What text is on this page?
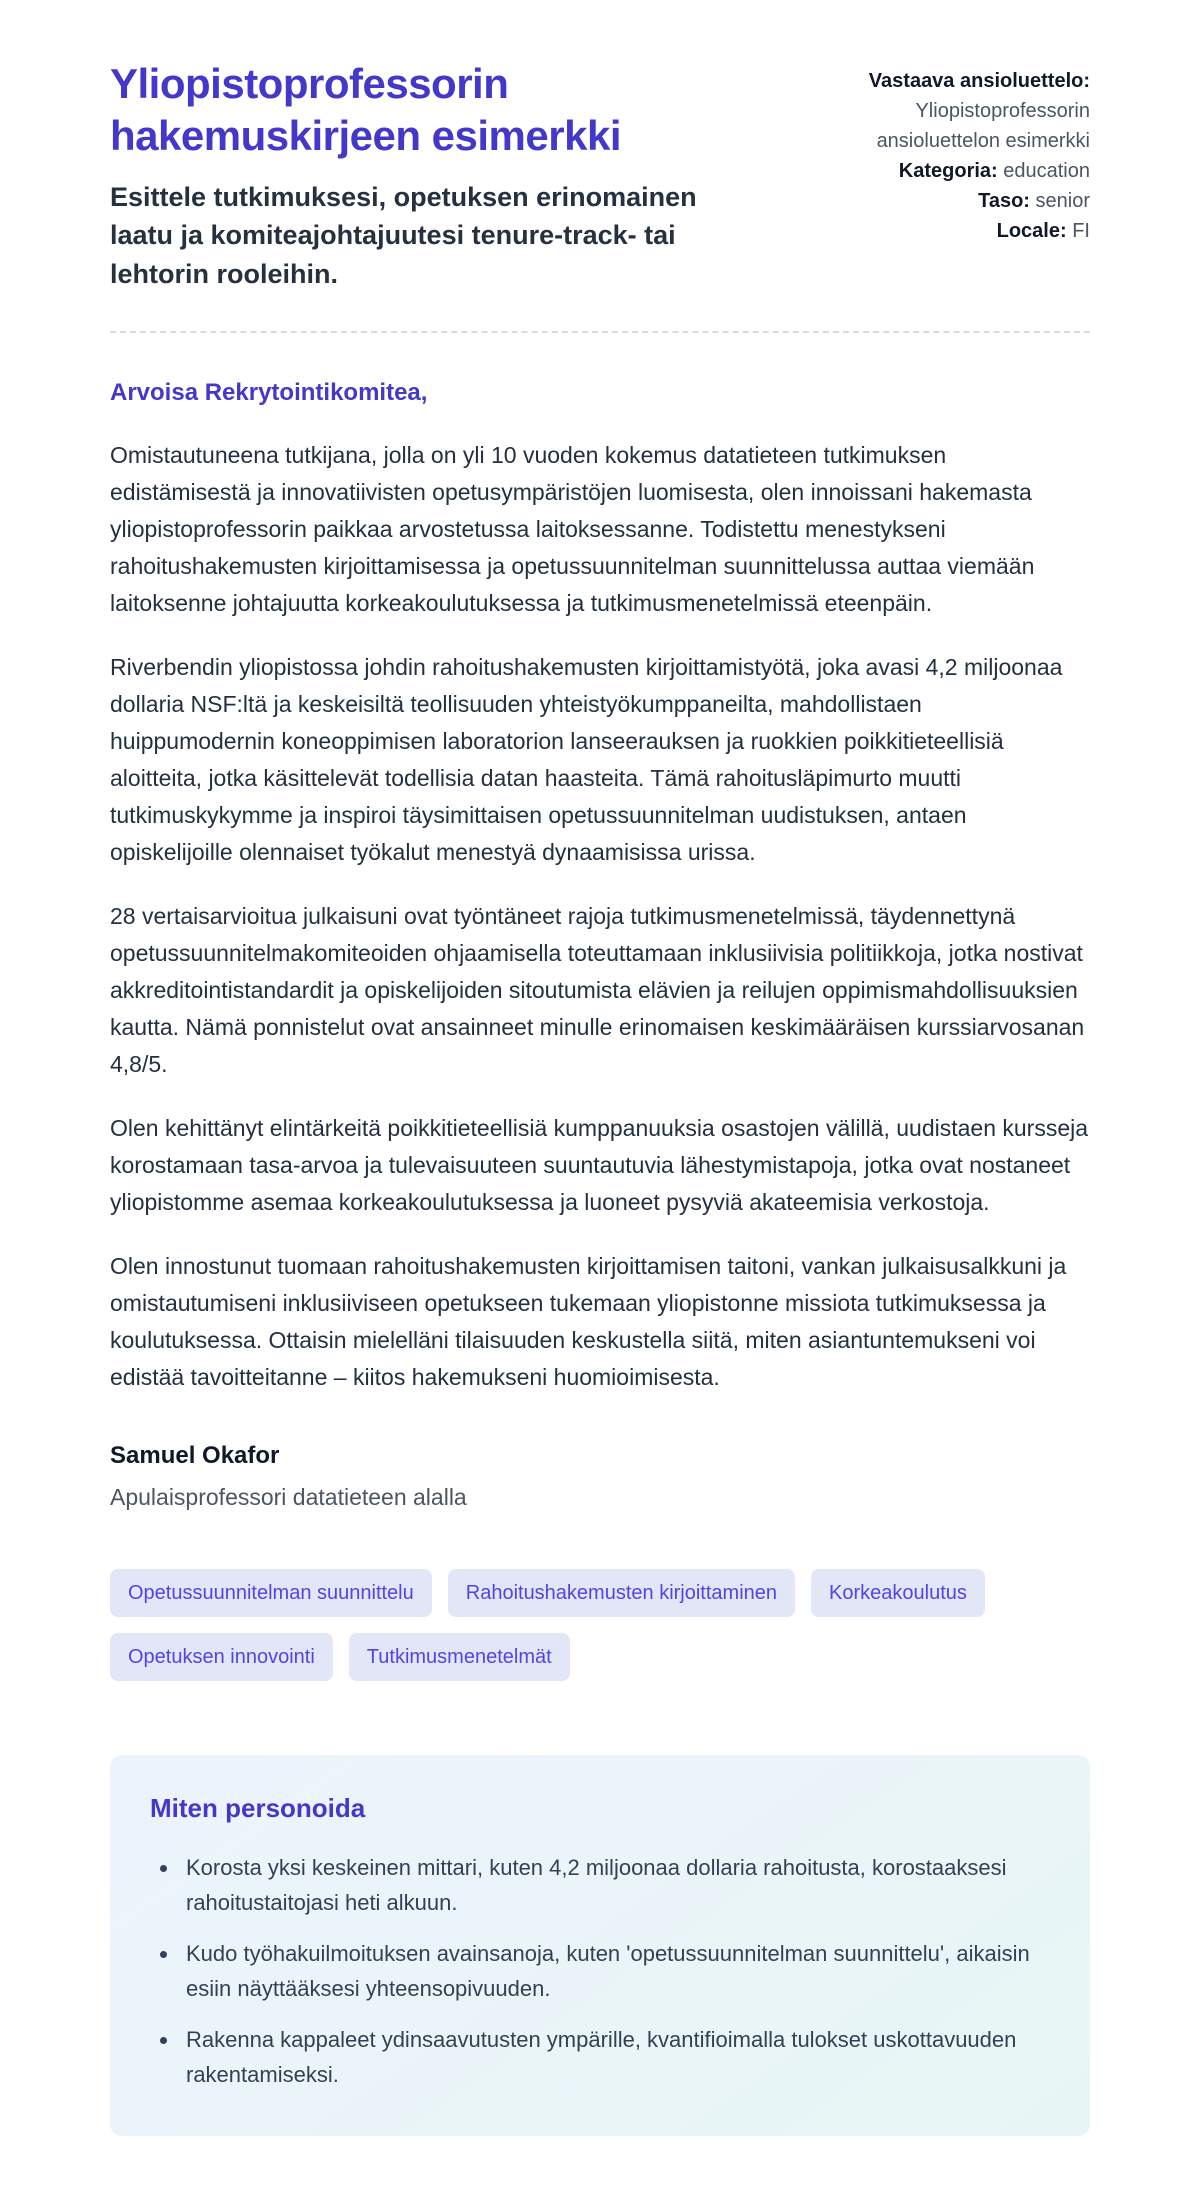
Yliopistoprofessorin hakemuskirjeen esimerkki

Esittele tutkimuksesi, opetuksen erinomainen laatu ja komiteajohtajuutesi tenure-track- tai lehtorin rooleihin.

Vastaava ansioluettelo: Yliopistoprofessorin ansioluettelon esimerkki
Kategoria: education
Taso: senior
Locale: FI

Arvoisa Rekrytointikomitea,

Omistautuneena tutkijana, jolla on yli 10 vuoden kokemus datatieteen tutkimuksen edistämisestä ja innovatiivisten opetusympäristöjen luomisesta, olen innoissani hakemasta yliopistoprofessorin paikkaa arvostetussa laitoksessanne. Todistettu menestykseni rahoitushakemusten kirjoittamisessa ja opetussuunnitelman suunnittelussa auttaa viemään laitoksenne johtajuutta korkeakoulutuksessa ja tutkimusmenetelmissä eteenpäin.

Riverbendin yliopistossa johdin rahoitushakemusten kirjoittamistyötä, joka avasi 4,2 miljoonaa dollaria NSF:ltä ja keskeisiltä teollisuuden yhteistyökumppaneilta, mahdollistaen huippumodernin koneoppimisen laboratorion lanseerauksen ja ruokkien poikkitieteellisiä aloitteita, jotka käsittelevät todellisia datan haasteita. Tämä rahoitusläpimurto muutti tutkimuskykymme ja inspiroi täysimittaisen opetussuunnitelman uudistuksen, antaen opiskelijoille olennaiset työkalut menestyä dynaamisissa urissa.

28 vertaisarvioitua julkaisuni ovat työntäneet rajoja tutkimusmenetelmissä, täydennettynä opetussuunnitelmakomiteoiden ohjaamisella toteuttamaan inklusiivisia politiikkoja, jotka nostivat akkreditointistandardit ja opiskelijoiden sitoutumista elävien ja reilujen oppimismahdollisuuksien kautta. Nämä ponnistelut ovat ansainneet minulle erinomaisen keskimääräisen kurssiarvosanan 4,8/5.

Olen kehittänyt elintärkeitä poikkitieteellisiä kumppanuuksia osastojen välillä, uudistaen kursseja korostamaan tasa-arvoa ja tulevaisuuteen suuntautuvia lähestymistapoja, jotka ovat nostaneet yliopistomme asemaa korkeakoulutuksessa ja luoneet pysyviä akateemisia verkostoja.

Olen innostunut tuomaan rahoitushakemusten kirjoittamisen taitoni, vankan julkaisusalkkuni ja omistautumiseni inklusiiviseen opetukseen tukemaan yliopistonne missiota tutkimuksessa ja koulutuksessa. Ottaisin mielelläni tilaisuuden keskustella siitä, miten asiantuntemukseni voi edistää tavoitteitanne – kiitos hakemukseni huomioimisesta.

Samuel Okafor

Apulaisprofessori datatieteen alalla

Opetussuunnitelman suunnittelu	Rahoitushakemusten kirjoittaminen	Korkeakoulutus
Opetuksen innovointi	Tutkimusmenetelmät
Miten personoida
• Korosta yksi keskeinen mittari, kuten 4,2 miljoonaa dollaria rahoitusta, korostaaksesi rahoitustaitojasi heti alkuun.
• Kudo työhakuilmoituksen avainsanoja, kuten 'opetussuunnitelman suunnittelu', aikaisin esiin näyttääksesi yhteensopivuuden.
• Rakenna kappaleet ydinsaavutusten ympärille, kvantifioimalla tulokset uskottavuuden rakentamiseksi.
